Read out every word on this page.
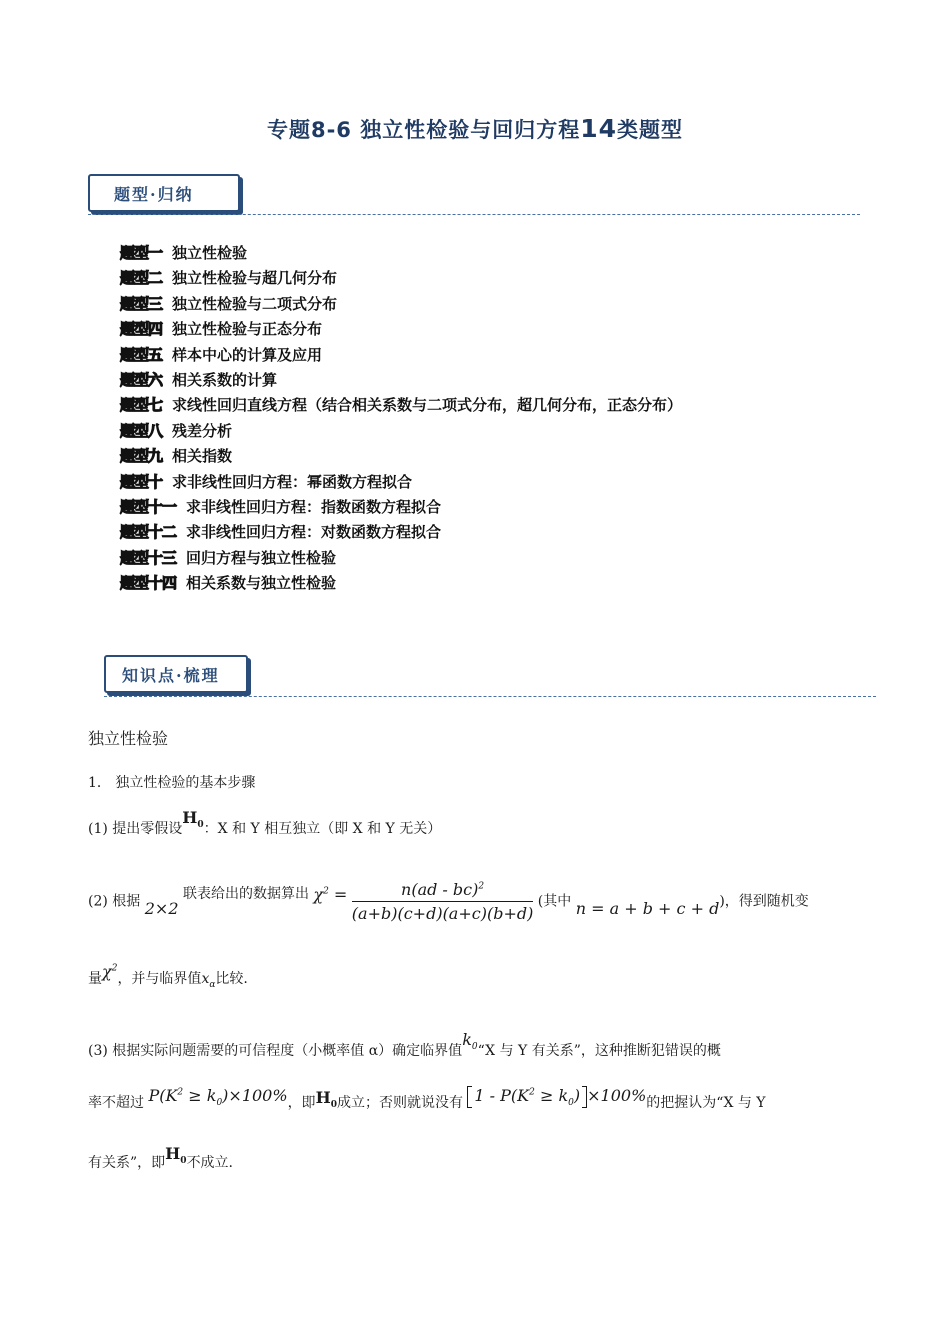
专题8-6 独立性检验与回归方程14类题型
题型·归纳
题型一 独立性检验
题型二 独立性检验与超几何分布
题型三 独立性检验与二项式分布
题型四 独立性检验与正态分布
题型五 样本中心的计算及应用
题型六 相关系数的计算
题型七 求线性回归直线方程（结合相关系数与二项式分布，超几何分布，正态分布）
题型八 残差分析
题型九 相关指数
题型十 求非线性回归方程：幂函数方程拟合
题型十一 求非线性回归方程：指数函数方程拟合
题型十二 求非线性回归方程：对数函数方程拟合
题型十三 回归方程与独立性检验
题型十四 相关系数与独立性检验
知识点·梳理
独立性检验
1． 独立性检验的基本步骤
(1) 提出零假设$H_0$：X 和 Y 相互独立（即 X 和 Y 无关）
(2) 根据 2×2 联表给出的数据算出 $\chi^2 = \frac{n(ad - bc)^2}{(a+b)(c+d)(a+c)(b+d)}$ (其中 n = a + b + c + d)，得到随机变
量$\chi^2$，并与临界值$x_\alpha$比较.
(3) 根据实际问题需要的可信程度（小概率值 α）确定临界值$k_0“X$ 与 Y 有关系”，这种推断犯错误的概
率不超过 $P(K^2 \ge k_0)\times 100\%$，即$H_0$成立；否则就说没有 $1 - P(K^2 \ge k_0) \times 100\%$的把握认为“X 与 Y
有关系”，即$H_0$不成立.
